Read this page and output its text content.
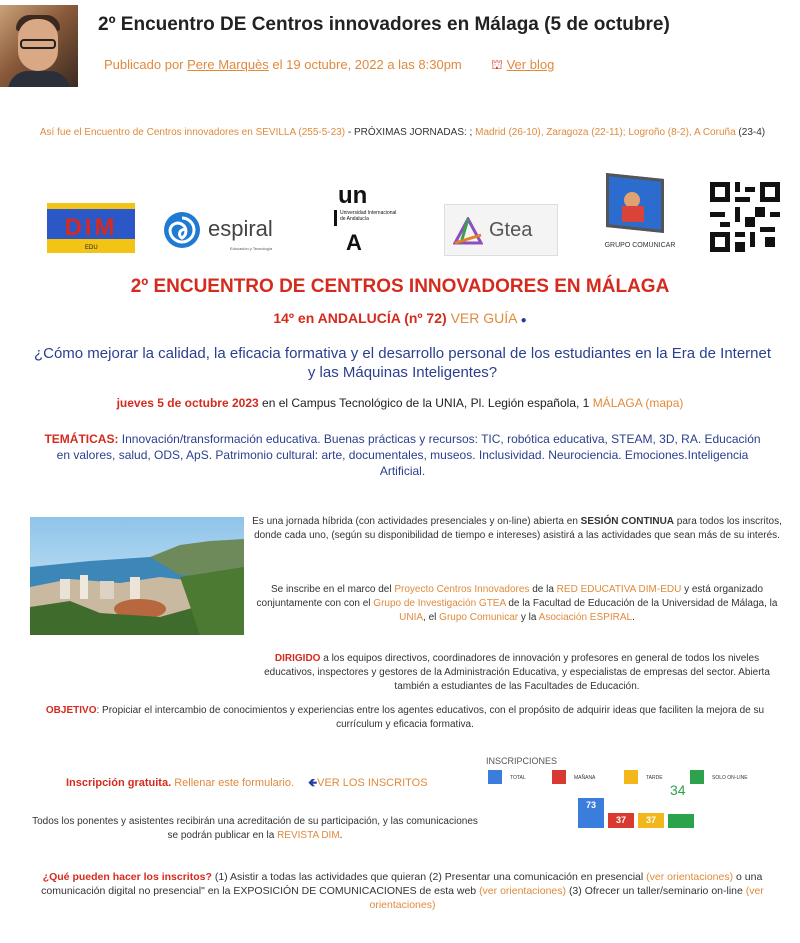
2º Encuentro DE Centros innovadores en Málaga (5 de octubre)
Publicado por Pere Marquès el 19 octubre, 2022 a las 8:30pm ⛫ Ver blog
Así fue el Encuentro de Centros innovadores en SEVILLA (255-5-23) - PRÓXIMAS JORNADAS: ; Madrid (26-10), Zaragoza (22-11); Logroño (8-2), A Coruña (23-4)
DIM
EDU
espiral
Educación y Tecnología
un
Universidad Internacional de Andalucía
A	Gtea
GRUPO COMUNICAR
2º ENCUENTRO DE CENTROS INNOVADORES EN MÁLAGA
14º en ANDALUCÍA (nº 72) VER GUÍA ●
¿Cómo mejorar la calidad, la eficacia formativa y el desarrollo personal de los estudiantes en la Era de Internet y las Máquinas Inteligentes?
jueves 5 de octubre 2023 en el Campus Tecnológico de la UNIA, Pl. Legión española, 1 MÁLAGA (mapa)
TEMÁTICAS: Innovación/transformación educativa. Buenas prácticas y recursos: TIC, robótica educativa, STEAM, 3D, RA. Educación en valores, salud, ODS, ApS. Patrimonio cultural: arte, documentales, museos. Inclusividad. Neurociencia. Emociones.Inteligencia Artificial.
Es una jornada híbrida (con actividades presenciales y on-line) abierta en SESIÓN CONTINUA para todos los inscritos, donde cada uno, (según su disponibilidad de tiempo e intereses) asistirá a las actividades que sean más de su interés.
Se inscribe en el marco del Proyecto Centros Innovadores de la RED EDUCATIVA DIM-EDU y está organizado conjuntamente con con el Grupo de Investigación GTEA de la Facultad de Educación de la Universidad de Málaga, la UNIA, el Grupo Comunicar y la Asociación ESPIRAL.
DIRIGIDO a los equipos directivos, coordinadores de innovación y profesores en general de todos los niveles educativos, inspectores y gestores de la Administración Educativa, y especialistas de empresas del sector. Abierta también a estudiantes de las Facultades de Educación.
OBJETIVO: Propiciar el intercambio de conocimientos y experiencias entre los agentes educativos, con el propósito de adquirir ideas que faciliten la mejora de su currículum y eficacia formativa.
Inscripción gratuita. Rellenar este formulario. 🡸VER LOS INSCRITOS
Todos los ponentes y asistentes recibirán una acreditación de su participación, y las comunicaciones se podrán publicar en la REVISTA DIM.
INSCRIPCIONES
TOTAL	MAÑANA	TARDE	SOLO ON-LINE
34
73
37	37
¿Qué pueden hacer los inscritos? (1) Asistir a todas las actividades que quieran (2) Presentar una comunicación en presencial (ver orientaciones) o una comunicación digital no presencial" en la EXPOSICIÓN DE COMUNICACIONES de esta web (ver orientaciones) (3) Ofrecer un taller/seminario on-line (ver orientaciones)
